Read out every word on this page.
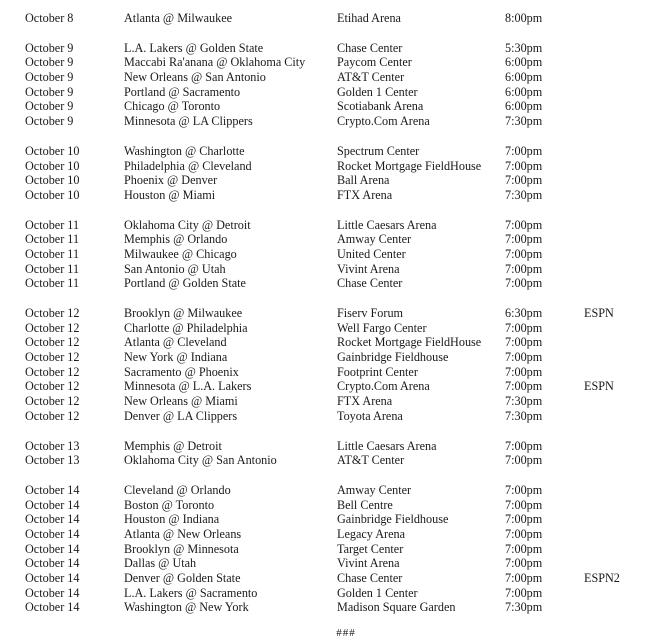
October 8	Atlanta @ Milwaukee	Etihad Arena	8:00pm
October 9	L.A. Lakers @ Golden State	Chase Center	5:30pm
October 9	Maccabi Ra'anana @ Oklahoma City	Paycom Center	6:00pm
October 9	New Orleans @ San Antonio	AT&T Center	6:00pm
October 9	Portland @ Sacramento	Golden 1 Center	6:00pm
October 9	Chicago @ Toronto	Scotiabank Arena	6:00pm
October 9	Minnesota @ LA Clippers	Crypto.Com Arena	7:30pm
October 10	Washington @ Charlotte	Spectrum Center	7:00pm
October 10	Philadelphia @ Cleveland	Rocket Mortgage FieldHouse 7:00pm
October 10	Phoenix @ Denver	Ball Arena	7:00pm
October 10	Houston @ Miami	FTX Arena	7:30pm
October 11	Oklahoma City @ Detroit	Little Caesars Arena	7:00pm
October 11	Memphis @ Orlando	Amway Center	7:00pm
October 11	Milwaukee @ Chicago	United Center	7:00pm
October 11	San Antonio @ Utah	Vivint Arena	7:00pm
October 11	Portland @ Golden State	Chase Center	7:00pm
October 12	Brooklyn @ Milwaukee	Fiserv Forum	6:30pm	ESPN
October 12	Charlotte @ Philadelphia	Well Fargo Center	7:00pm
October 12	Atlanta @ Cleveland	Rocket Mortgage FieldHouse 7:00pm
October 12	New York @ Indiana	Gainbridge Fieldhouse	7:00pm
October 12	Sacramento @ Phoenix	Footprint Center	7:00pm
October 12	Minnesota @ L.A. Lakers	Crypto.Com Arena	7:00pm	ESPN
October 12	New Orleans @ Miami	FTX Arena	7:30pm
October 12	Denver @ LA Clippers	Toyota Arena	7:30pm
October 13	Memphis @ Detroit	Little Caesars Arena	7:00pm
October 13	Oklahoma City @ San Antonio	AT&T Center	7:00pm
October 14	Cleveland @ Orlando	Amway Center	7:00pm
October 14	Boston @ Toronto	Bell Centre	7:00pm
October 14	Houston @ Indiana	Gainbridge Fieldhouse	7:00pm
October 14	Atlanta @ New Orleans	Legacy Arena	7:00pm
October 14	Brooklyn @ Minnesota	Target Center	7:00pm
October 14	Dallas @ Utah	Vivint Arena	7:00pm
October 14	Denver @ Golden State	Chase Center	7:00pm	ESPN2
October 14	L.A. Lakers @ Sacramento	Golden 1 Center	7:00pm
October 14	Washington @ New York	Madison Square Garden	7:30pm
###
